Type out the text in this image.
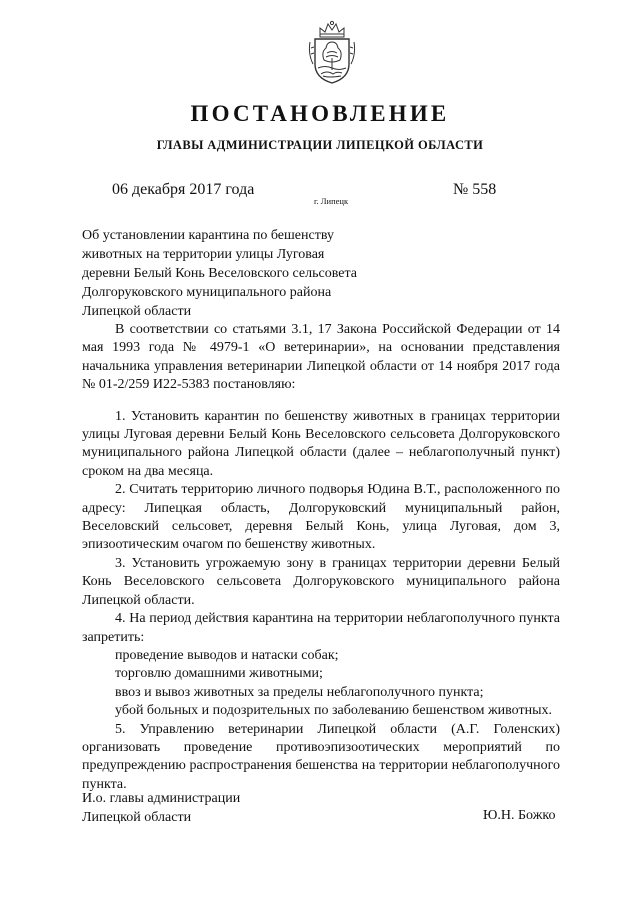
ПОСТАНОВЛЕНИЕ
ГЛАВЫ АДМИНИСТРАЦИИ ЛИПЕЦКОЙ ОБЛАСТИ
06 декабря 2017 года
г. Липецк
№ 558
Об установлении карантина по бешенству
животных на территории улицы Луговая
деревни Белый Конь Веселовского сельсовета
Долгоруковского муниципального района
Липецкой области

В соответствии со статьями 3.1, 17 Закона Российской Федерации от 14 мая 1993 года № 4979-1 «О ветеринарии», на основании представления начальника управления ветеринарии Липецкой области от 14 ноября 2017 года № 01-2/259 И22-5383 постановляю:

1. Установить карантин по бешенству животных в границах территории улицы Луговая деревни Белый Конь Веселовского сельсовета Долгоруковского муниципального района Липецкой области (далее – неблагополучный пункт) сроком на два месяца.

2. Считать территорию личного подворья Юдина В.Т., расположенного по адресу: Липецкая область, Долгоруковский муниципальный район, Веселовский сельсовет, деревня Белый Конь, улица Луговая, дом 3, эпизоотическим очагом по бешенству животных.

3. Установить угрожаемую зону в границах территории деревни Белый Конь Веселовского сельсовета Долгоруковского муниципального района Липецкой области.

4. На период действия карантина на территории неблагополучного пункта запретить:

проведение выводов и натаски собак;

торговлю домашними животными;

ввоз и вывоз животных за пределы неблагополучного пункта;

убой больных и подозрительных по заболеванию бешенством животных.

5. Управлению ветеринарии Липецкой области (А.Г. Голенских) организовать проведение противоэпизоотических мероприятий по предупреждению распространения бешенства на территории неблагополучного пункта.

И.о. главы администрации
Липецкой области	Ю.Н. Божко
